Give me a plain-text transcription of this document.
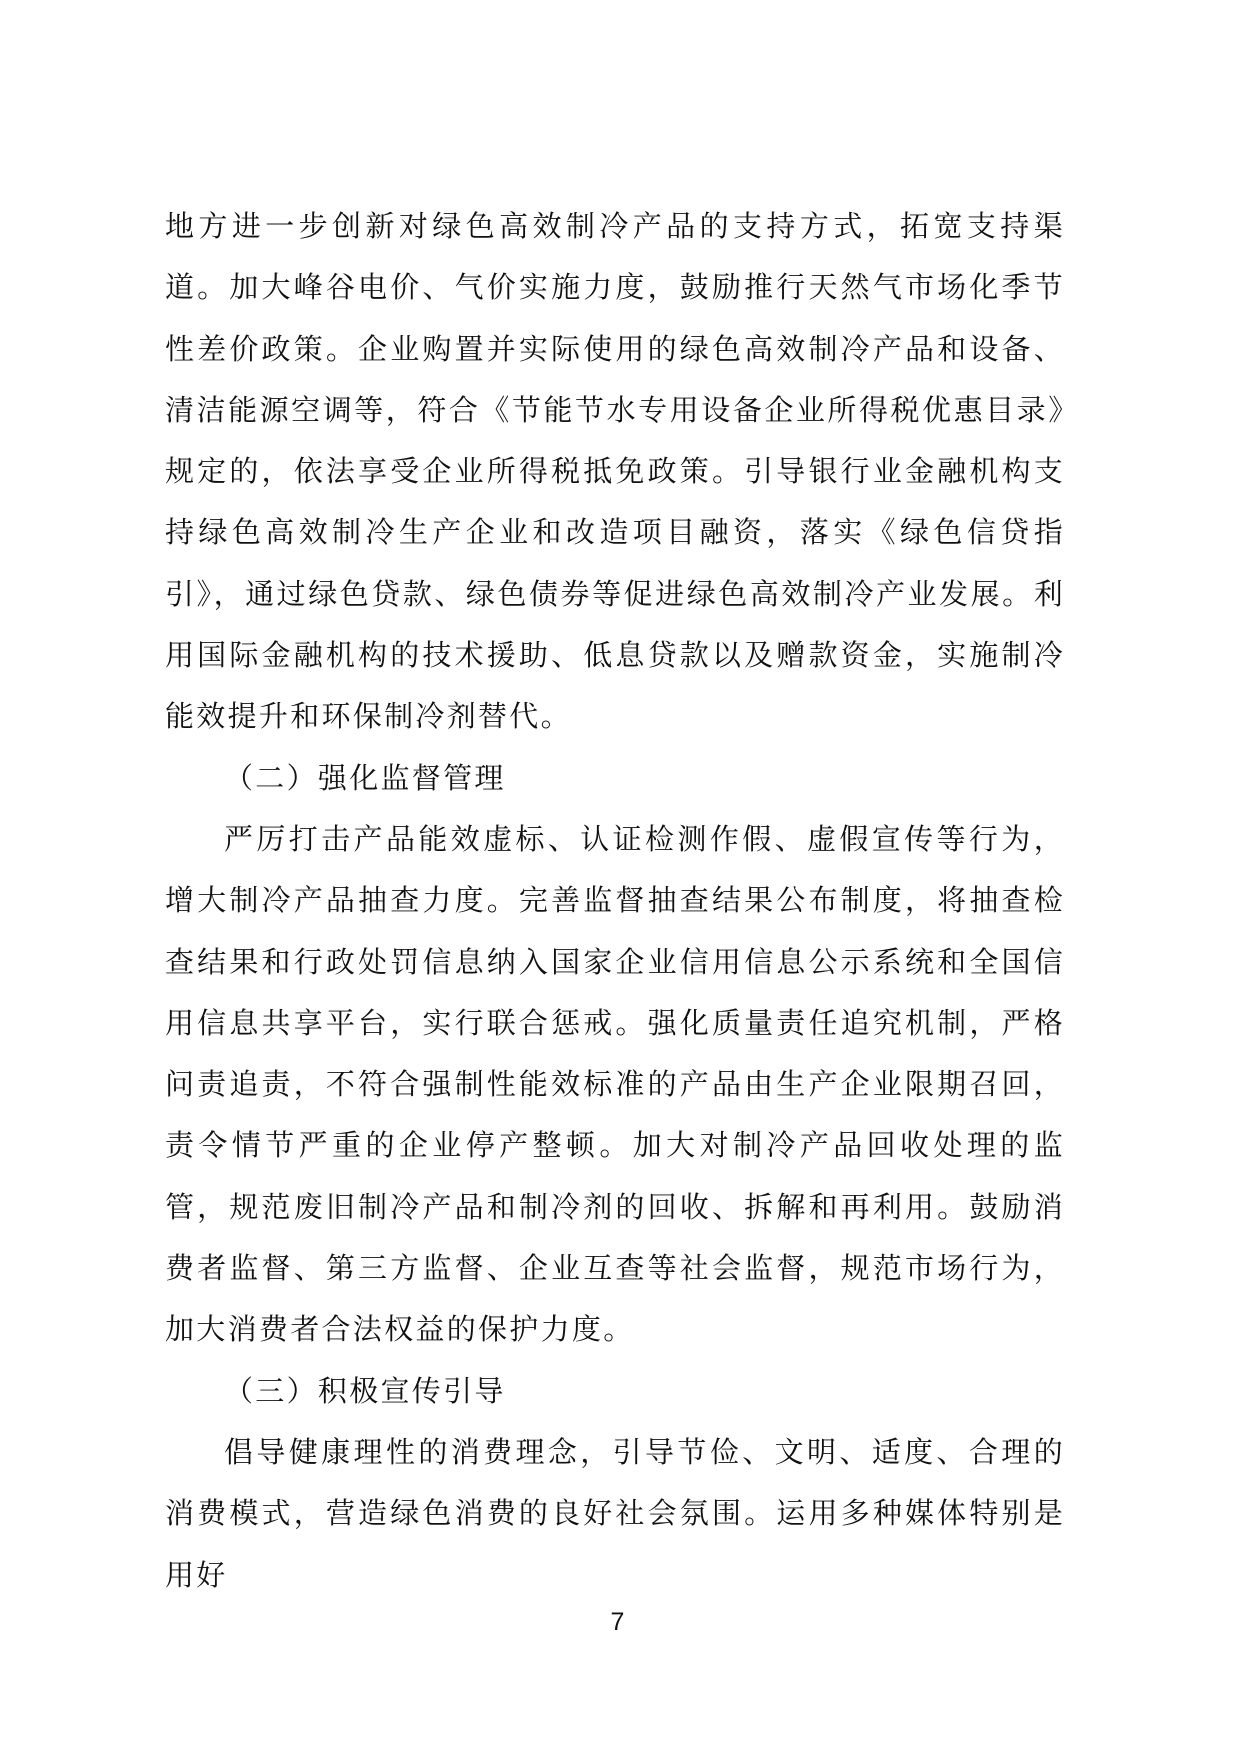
地方进一步创新对绿色高效制冷产品的支持方式，拓宽支持渠道。加大峰谷电价、气价实施力度，鼓励推行天然气市场化季节性差价政策。企业购置并实际使用的绿色高效制冷产品和设备、清洁能源空调等，符合《节能节水专用设备企业所得税优惠目录》规定的，依法享受企业所得税抵免政策。引导银行业金融机构支持绿色高效制冷生产企业和改造项目融资，落实《绿色信贷指引》，通过绿色贷款、绿色债券等促进绿色高效制冷产业发展。利用国际金融机构的技术援助、低息贷款以及赠款资金，实施制冷能效提升和环保制冷剂替代。

（二）强化监督管理

严厉打击产品能效虚标、认证检测作假、虚假宣传等行为，增大制冷产品抽查力度。完善监督抽查结果公布制度，将抽查检查结果和行政处罚信息纳入国家企业信用信息公示系统和全国信用信息共享平台，实行联合惩戒。强化质量责任追究机制，严格问责追责，不符合强制性能效标准的产品由生产企业限期召回，责令情节严重的企业停产整顿。加大对制冷产品回收处理的监管，规范废旧制冷产品和制冷剂的回收、拆解和再利用。鼓励消费者监督、第三方监督、企业互查等社会监督，规范市场行为，加大消费者合法权益的保护力度。

（三）积极宣传引导

倡导健康理性的消费理念，引导节俭、文明、适度、合理的消费模式，营造绿色消费的良好社会氛围。运用多种媒体特别是用好

7
